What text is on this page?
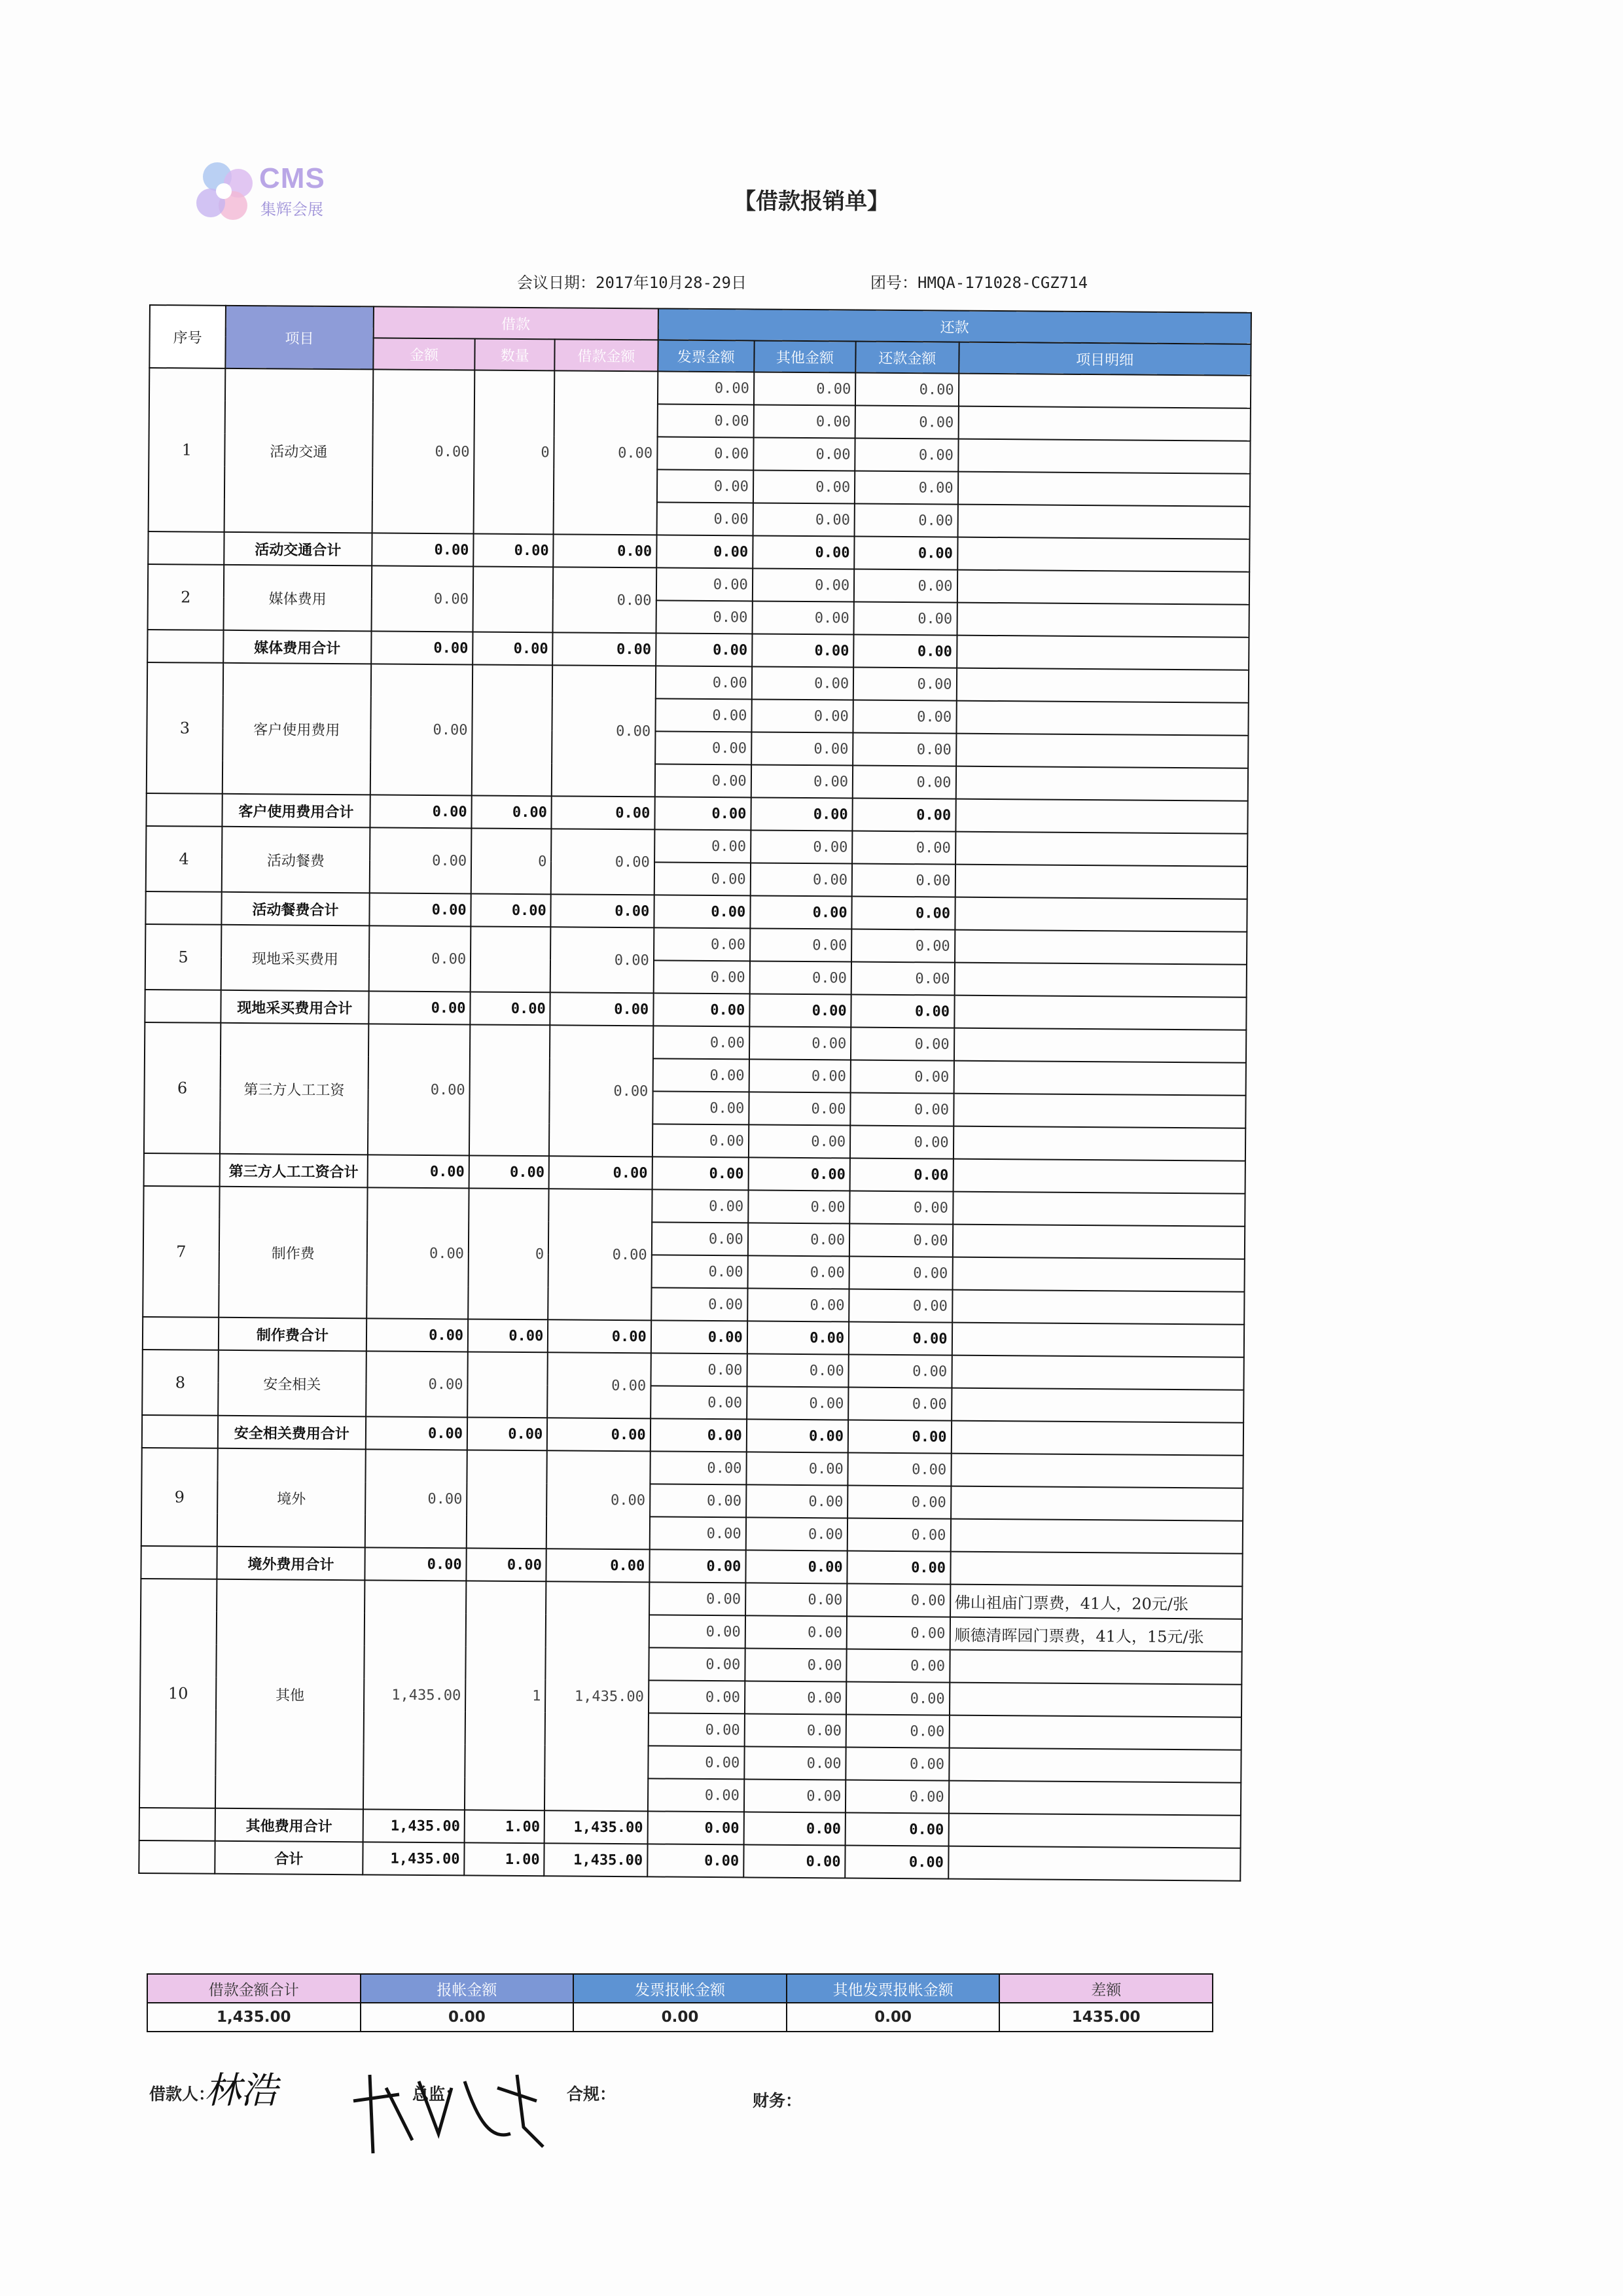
CMS
集辉会展	【借款报销单】
会议日期：2017年10月28-29日	团号：HMQA-171028-CGZ714
序号	项目	借款			还款			
		金额	数量	借款金额	发票金额	其他金额	还款金额	项目明细
1	活动交通	0.00	0	0.00	0.00	0.00	0.00	
					0.00	0.00	0.00	
					0.00	0.00	0.00	
					0.00	0.00	0.00	
					0.00	0.00	0.00	
	活动交通合计	0.00	0.00	0.00	0.00	0.00	0.00	
2	媒体费用	0.00		0.00	0.00	0.00	0.00	
					0.00	0.00	0.00	
	媒体费用合计	0.00	0.00	0.00	0.00	0.00	0.00	
3	客户使用费用	0.00		0.00	0.00	0.00	0.00	
					0.00	0.00	0.00	
					0.00	0.00	0.00	
					0.00	0.00	0.00	
	客户使用费用合计	0.00	0.00	0.00	0.00	0.00	0.00	
4	活动餐费	0.00	0	0.00	0.00	0.00	0.00	
					0.00	0.00	0.00	
	活动餐费合计	0.00	0.00	0.00	0.00	0.00	0.00	
5	现地采买费用	0.00		0.00	0.00	0.00	0.00	
					0.00	0.00	0.00	
	现地采买费用合计	0.00	0.00	0.00	0.00	0.00	0.00	
6	第三方人工工资	0.00		0.00	0.00	0.00	0.00	
					0.00	0.00	0.00	
					0.00	0.00	0.00	
					0.00	0.00	0.00	
	第三方人工工资合计	0.00	0.00	0.00	0.00	0.00	0.00	
7	制作费	0.00	0	0.00	0.00	0.00	0.00	
					0.00	0.00	0.00	
					0.00	0.00	0.00	
					0.00	0.00	0.00	
	制作费合计	0.00	0.00	0.00	0.00	0.00	0.00	
8	安全相关	0.00		0.00	0.00	0.00	0.00	
					0.00	0.00	0.00	
	安全相关费用合计	0.00	0.00	0.00	0.00	0.00	0.00	
9	境外	0.00		0.00	0.00	0.00	0.00	
					0.00	0.00	0.00	
					0.00	0.00	0.00	
	境外费用合计	0.00	0.00	0.00	0.00	0.00	0.00	
10	其他	1,435.00	1	1,435.00	0.00	0.00	0.00	佛山祖庙门票费，41人，20元/张
					0.00	0.00	0.00	顺德清晖园门票费，41人，15元/张
					0.00	0.00	0.00	
					0.00	0.00	0.00	
					0.00	0.00	0.00	
					0.00	0.00	0.00	
					0.00	0.00	0.00	
	其他费用合计	1,435.00	1.00	1,435.00	0.00	0.00	0.00	
	合计	1,435.00	1.00	1,435.00	0.00	0.00	0.00	
借款金额合计	报帐金额	发票报帐金额	其他发票报帐金额	差额
1,435.00	0.00	0.00	0.00	1435.00
借款人：
林浩	总监：	合规：	财务：
